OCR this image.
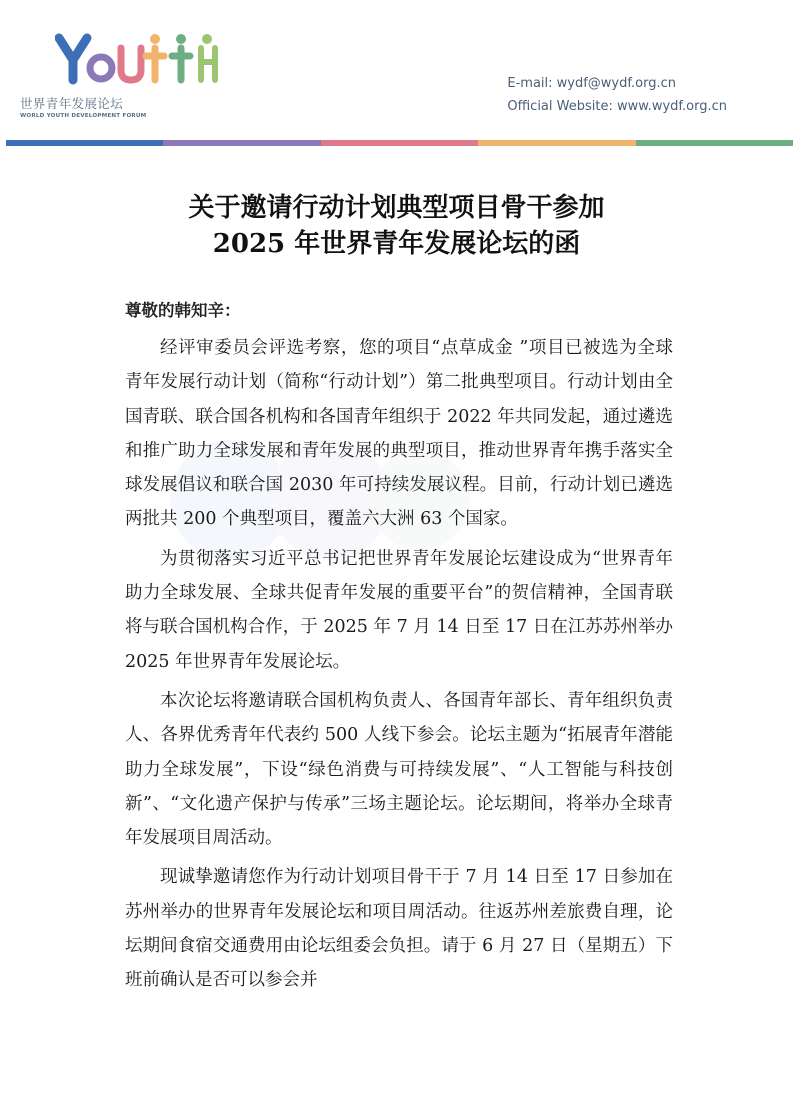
世界青年发展论坛
WORLD YOUTH DEVELOPMENT FORUM
E-mail: wydf@wydf.org.cn
Official Website: www.wydf.org.cn
关于邀请行动计划典型项目骨干参加
2025 年世界青年发展论坛的函
尊敬的韩知辛：

经评审委员会评选考察，您的项目“点草成金 ”项目已被选为全球青年发展行动计划（简称“行动计划”）第二批典型项目。行动计划由全国青联、联合国各机构和各国青年组织于 2022 年共同发起，通过遴选和推广助力全球发展和青年发展的典型项目，推动世界青年携手落实全球发展倡议和联合国 2030 年可持续发展议程。目前，行动计划已遴选两批共 200 个典型项目，覆盖六大洲 63 个国家。

为贯彻落实习近平总书记把世界青年发展论坛建设成为“世界青年助力全球发展、全球共促青年发展的重要平台”的贺信精神，全国青联将与联合国机构合作，于 2025 年 7 月 14 日至 17 日在江苏苏州举办 2025 年世界青年发展论坛。

本次论坛将邀请联合国机构负责人、各国青年部长、青年组织负责人、各界优秀青年代表约 500 人线下参会。论坛主题为“拓展青年潜能 助力全球发展”，下设“绿色消费与可持续发展”、“人工智能与科技创新”、“文化遗产保护与传承”三场主题论坛。论坛期间，将举办全球青年发展项目周活动。

现诚挚邀请您作为行动计划项目骨干于 7 月 14 日至 17 日参加在苏州举办的世界青年发展论坛和项目周活动。往返苏州差旅费自理，论坛期间食宿交通费用由论坛组委会负担。请于 6 月 27 日（星期五）下班前确认是否可以参会并
